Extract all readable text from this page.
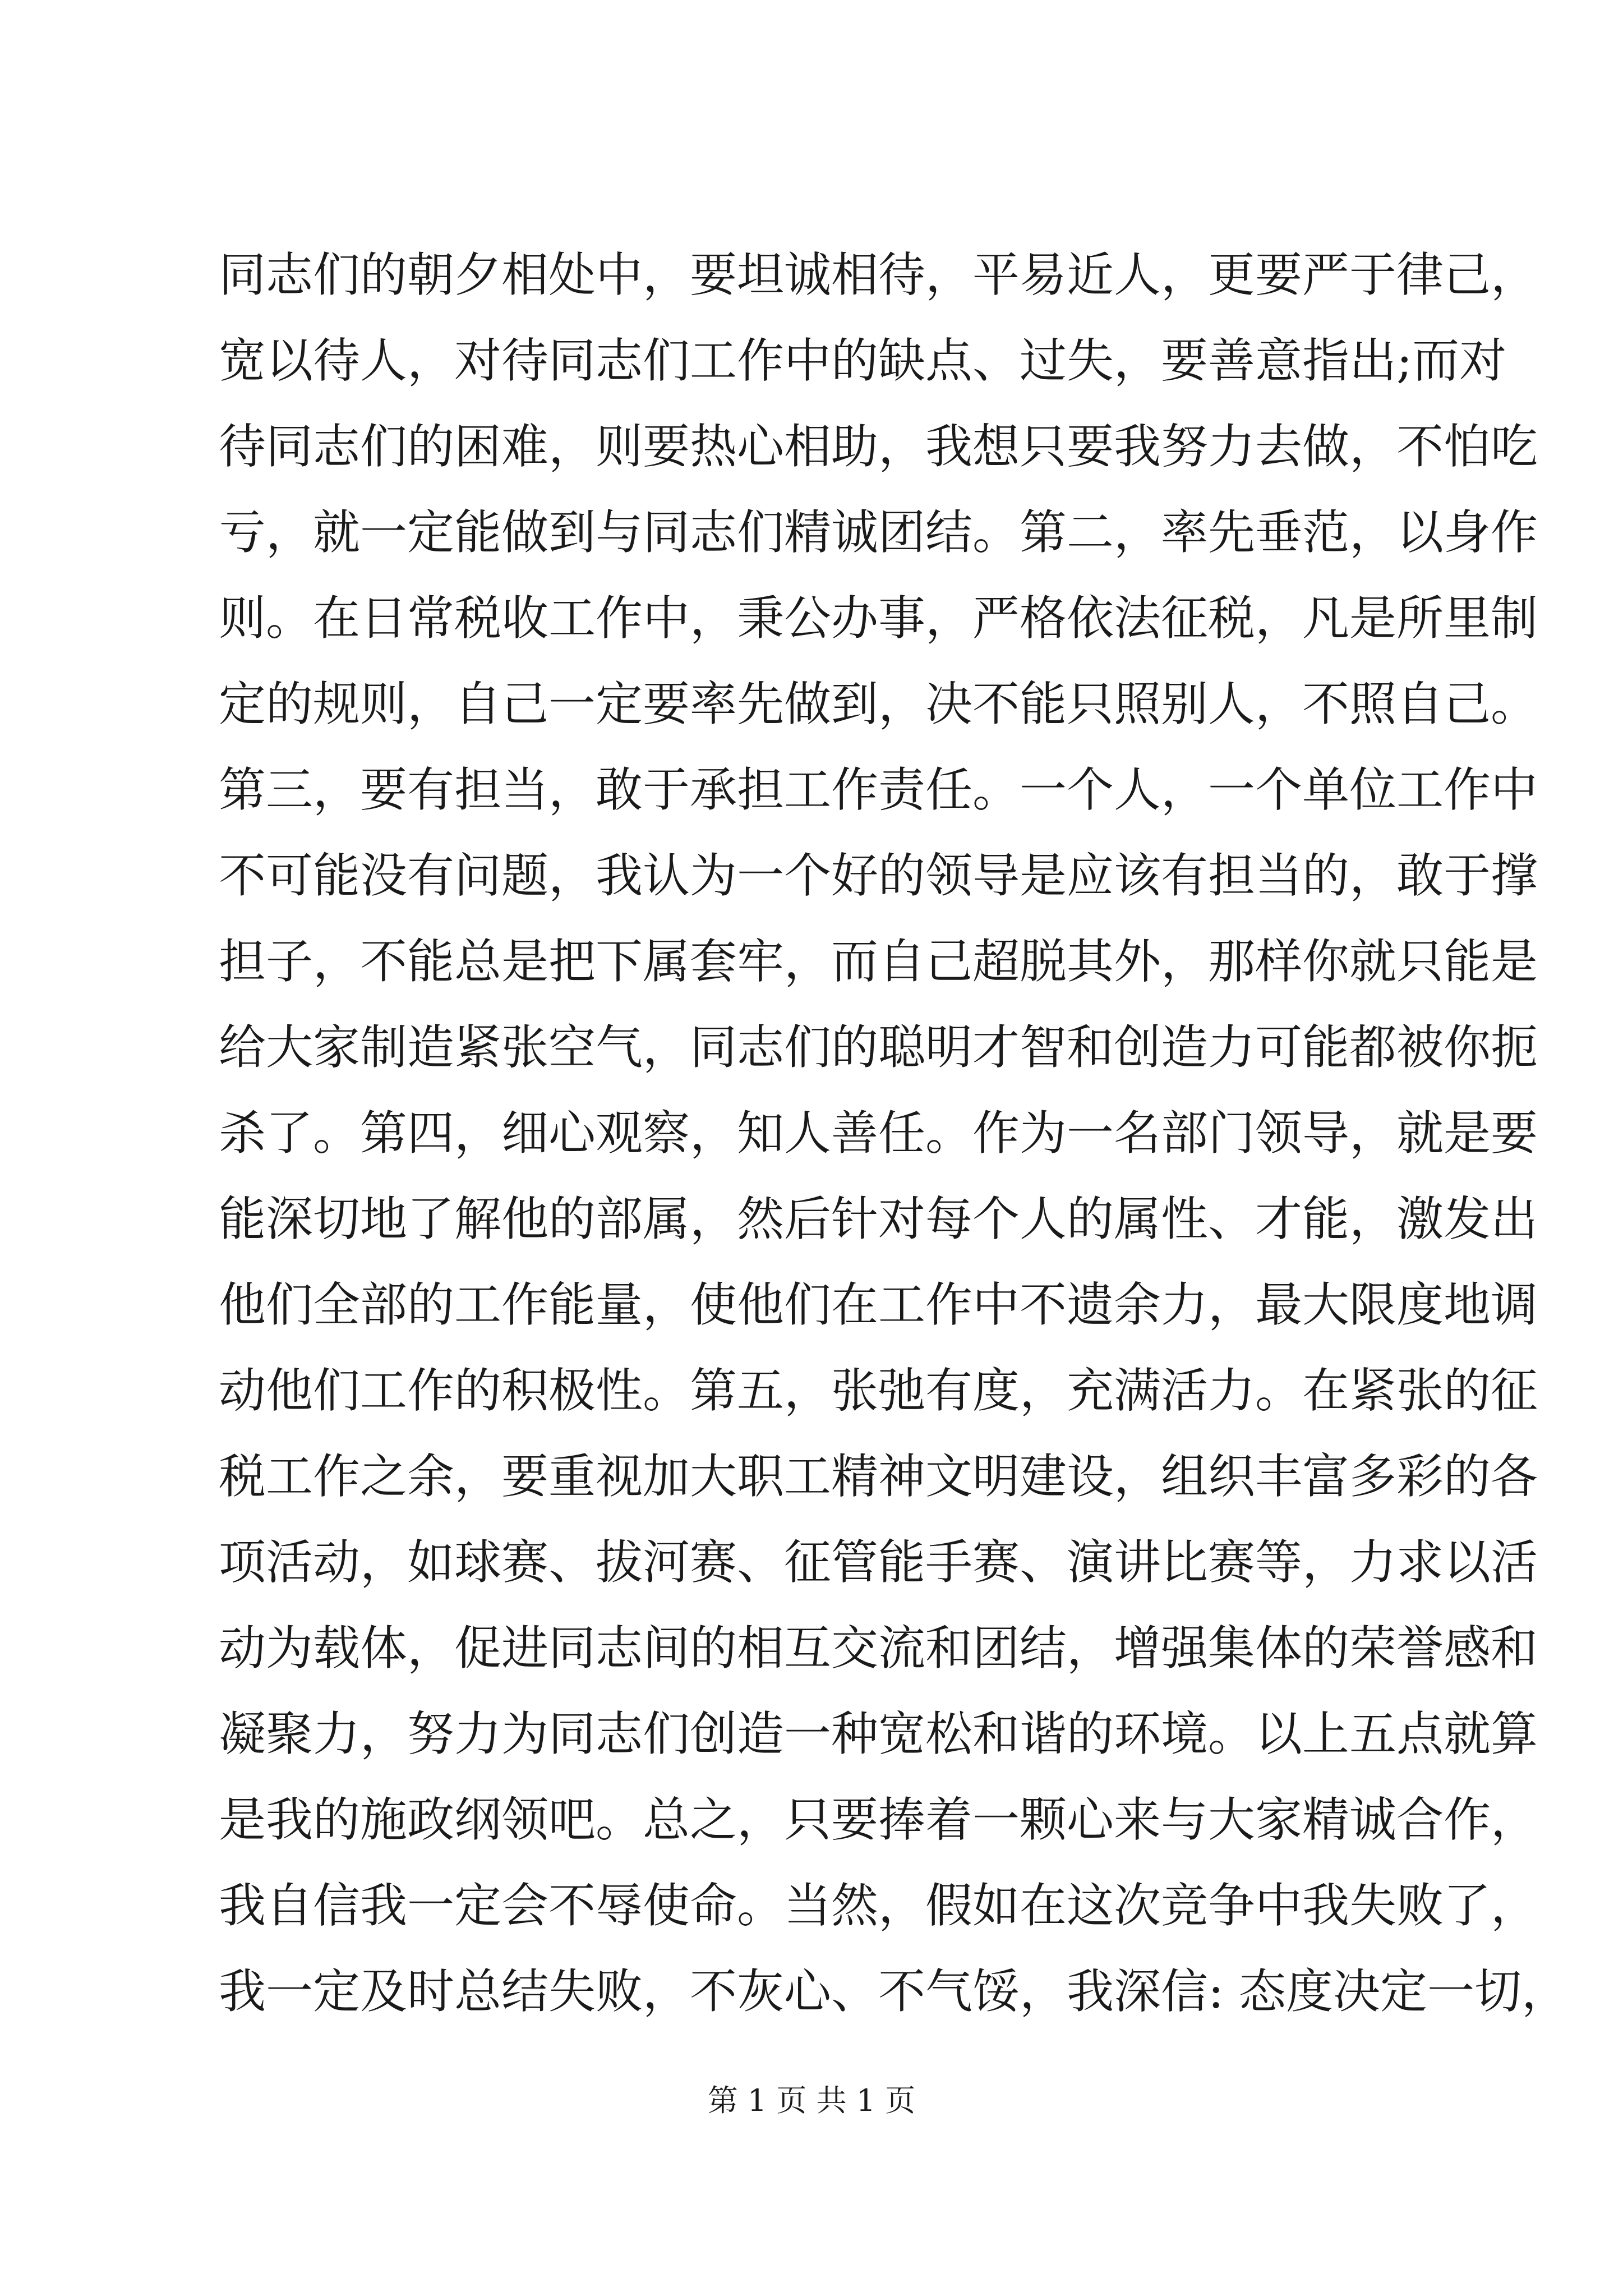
同志们的朝夕相处中，要坦诚相待，平易近人，更要严于律己，
宽以待人，对待同志们工作中的缺点、过失，要善意指出;而对
待同志们的困难，则要热心相助，我想只要我努力去做，不怕吃
亏，就一定能做到与同志们精诚团结。第二，率先垂范，以身作
则。在日常税收工作中，秉公办事，严格依法征税，凡是所里制
定的规则，自己一定要率先做到，决不能只照别人，不照自己。
第三，要有担当，敢于承担工作责任。一个人，一个单位工作中
不可能没有问题，我认为一个好的领导是应该有担当的，敢于撑
担子，不能总是把下属套牢，而自己超脱其外，那样你就只能是
给大家制造紧张空气，同志们的聪明才智和创造力可能都被你扼
杀了。第四，细心观察，知人善任。作为一名部门领导，就是要
能深切地了解他的部属，然后针对每个人的属性、才能，激发出
他们全部的工作能量，使他们在工作中不遗余力，最大限度地调
动他们工作的积极性。第五，张弛有度，充满活力。在紧张的征
税工作之余，要重视加大职工精神文明建设，组织丰富多彩的各
项活动，如球赛、拔河赛、征管能手赛、演讲比赛等，力求以活
动为载体，促进同志间的相互交流和团结，增强集体的荣誉感和
凝聚力，努力为同志们创造一种宽松和谐的环境。以上五点就算
是我的施政纲领吧。总之，只要捧着一颗心来与大家精诚合作，
我自信我一定会不辱使命。当然，假如在这次竞争中我失败了，
我一定及时总结失败，不灰心、不气馁，我深信: 态度决定一切，
第 1 页 共 1 页
